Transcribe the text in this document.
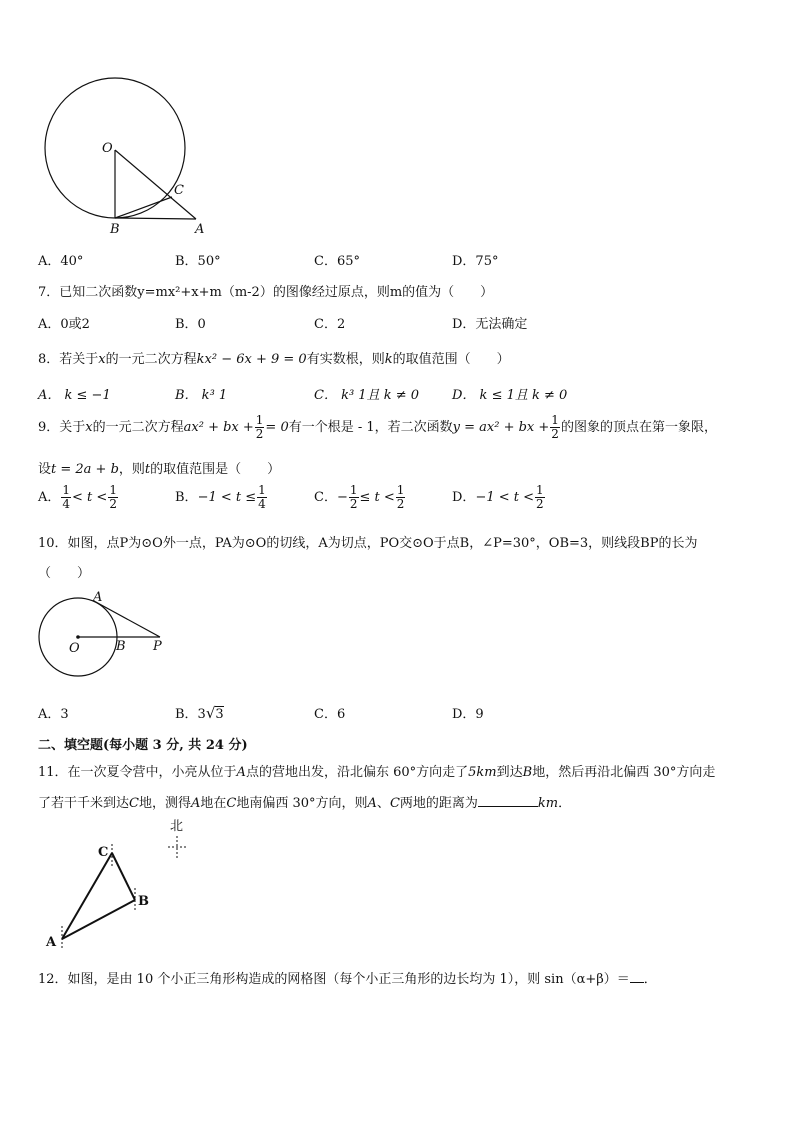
O
C
B	A
A．40°	B．50°	C．65°	D．75°
7．已知二次函数y=mx²+x+m（m-2）的图像经过原点，则m的值为（　　）
A．0或2	B．0	C．2	D．无法确定
8．若关于x的一元二次方程kx² − 6x + 9 = 0有实数根，则k的取值范围（　　）
A． k ≤ −1	B． k³ 1	C． k³ 1且 k ≠ 0	D． k ≤ 1且 k ≠ 0
9．关于x的一元二次方程ax² + bx + $\frac{1}{2} = 0$有一个根是 - 1，若二次函数y = ax² + bx + $\frac{1}{2}$ 的图象的顶点在第一象限，
设t = 2a + b，则t的取值范围是（　　）
A． $\frac{1}{4} < t < \frac{1}{2}$	B．$-1 < t \le \frac{1}{4}$	C．− $\frac{1}{2} \le t < \frac{1}{2}$	D．$-1 < t < \frac{1}{2}$
10．如图，点P为⊙O外一点，PA为⊙O的切线，A为切点，PO交⊙O于点B，∠P=30°，OB=3，则线段BP的长为
（　　）
A
O	B P
A．3	B．3√3	C．6	D．9
二、填空题(每小题 3 分, 共 24 分)
11．在一次夏令营中，小亮从位于A点的营地出发，沿北偏东 60°方向走了5km到达B地，然后再沿北偏西 30°方向走
了若干千米到达C地，测得A地在C地南偏西 30°方向，则A、C两地的距离为	km．
北
C
B
A
12．如图，是由 10 个小正三角形构造成的网格图（每个小正三角形的边长均为 1），则 sin（α+β）＝ ．
